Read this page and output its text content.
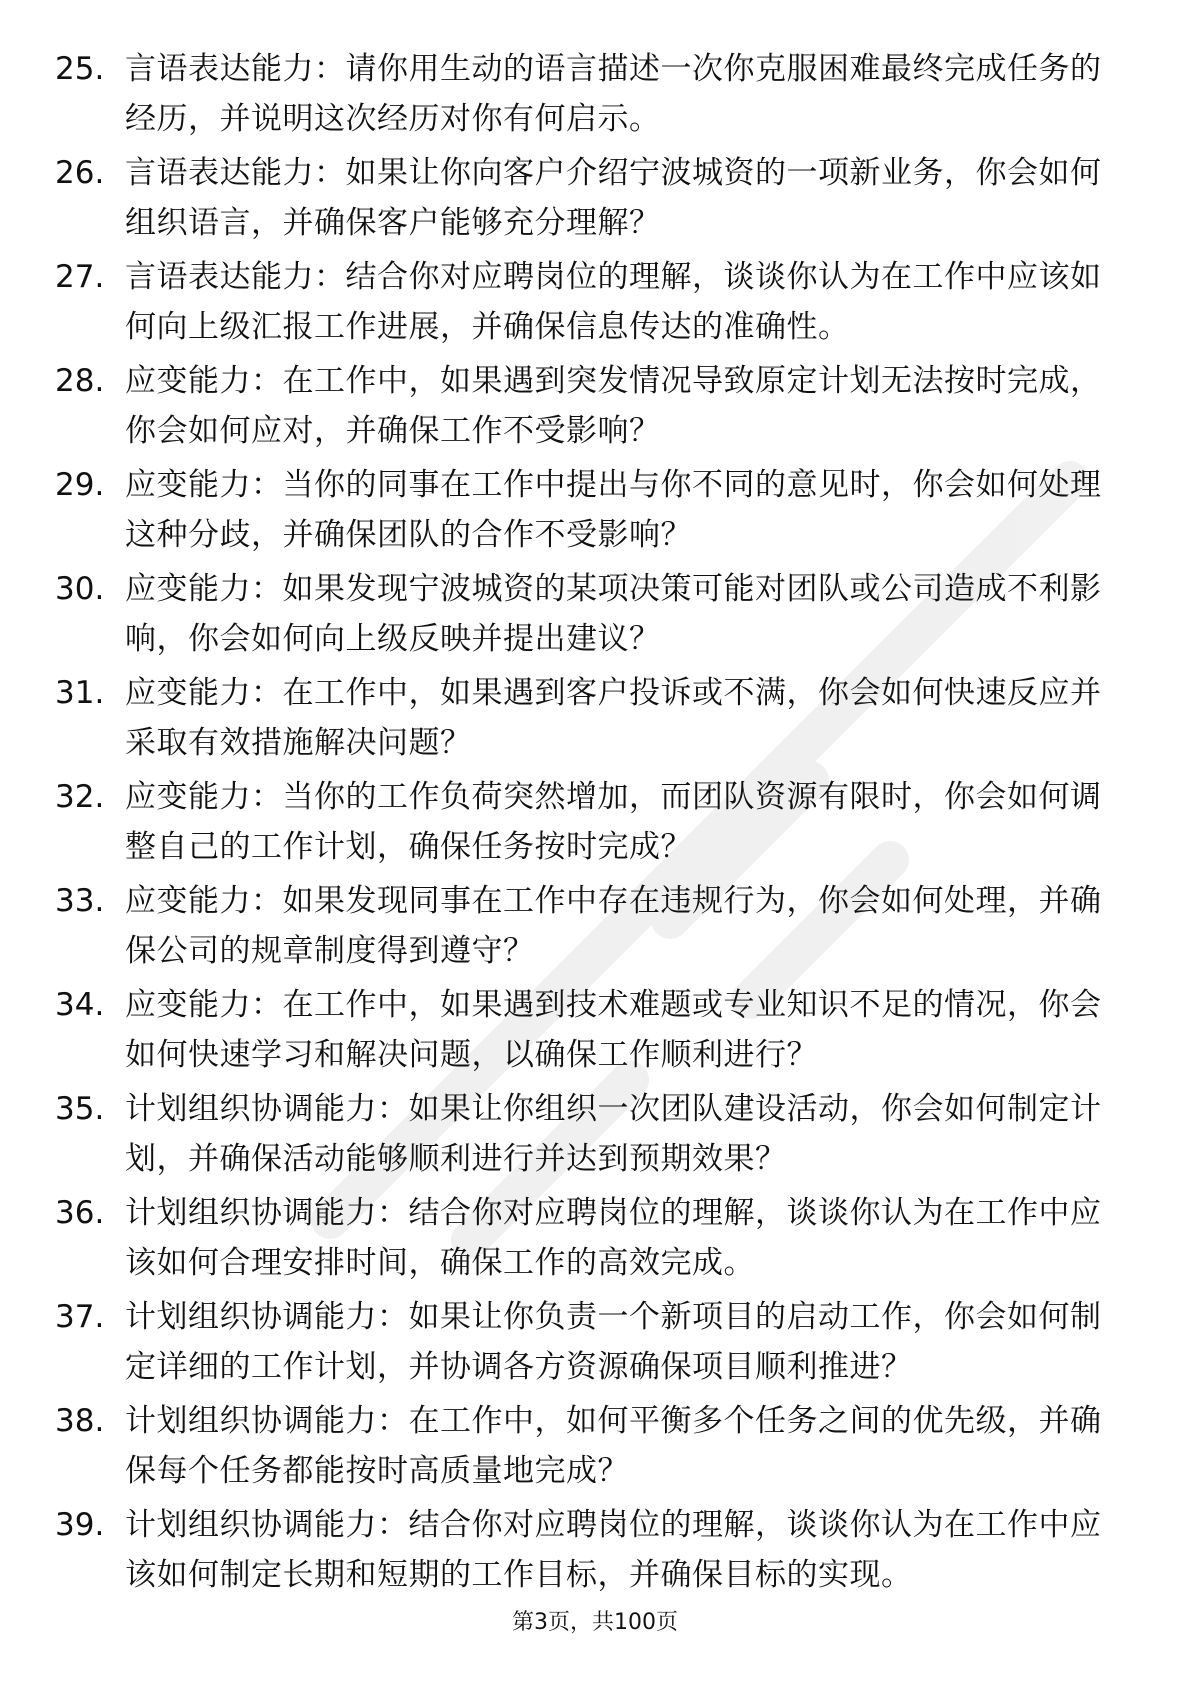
25. 言语表达能力：请你用生动的语言描述一次你克服困难最终完成任务的经历，并说明这次经历对你有何启示。
26. 言语表达能力：如果让你向客户介绍宁波城资的一项新业务，你会如何组织语言，并确保客户能够充分理解？
27. 言语表达能力：结合你对应聘岗位的理解，谈谈你认为在工作中应该如何向上级汇报工作进展，并确保信息传达的准确性。
28. 应变能力：在工作中，如果遇到突发情况导致原定计划无法按时完成，你会如何应对，并确保工作不受影响？
29. 应变能力：当你的同事在工作中提出与你不同的意见时，你会如何处理这种分歧，并确保团队的合作不受影响？
30. 应变能力：如果发现宁波城资的某项决策可能对团队或公司造成不利影响，你会如何向上级反映并提出建议？
31. 应变能力：在工作中，如果遇到客户投诉或不满，你会如何快速反应并采取有效措施解决问题？
32. 应变能力：当你的工作负荷突然增加，而团队资源有限时，你会如何调整自己的工作计划，确保任务按时完成？
33. 应变能力：如果发现同事在工作中存在违规行为，你会如何处理，并确保公司的规章制度得到遵守？
34. 应变能力：在工作中，如果遇到技术难题或专业知识不足的情况，你会如何快速学习和解决问题，以确保工作顺利进行？
35. 计划组织协调能力：如果让你组织一次团队建设活动，你会如何制定计划，并确保活动能够顺利进行并达到预期效果？
36. 计划组织协调能力：结合你对应聘岗位的理解，谈谈你认为在工作中应该如何合理安排时间，确保工作的高效完成。
37. 计划组织协调能力：如果让你负责一个新项目的启动工作，你会如何制定详细的工作计划，并协调各方资源确保项目顺利推进？
38. 计划组织协调能力：在工作中，如何平衡多个任务之间的优先级，并确保每个任务都能按时高质量地完成？
39. 计划组织协调能力：结合你对应聘岗位的理解，谈谈你认为在工作中应该如何制定长期和短期的工作目标，并确保目标的实现。
第3页，共100页
